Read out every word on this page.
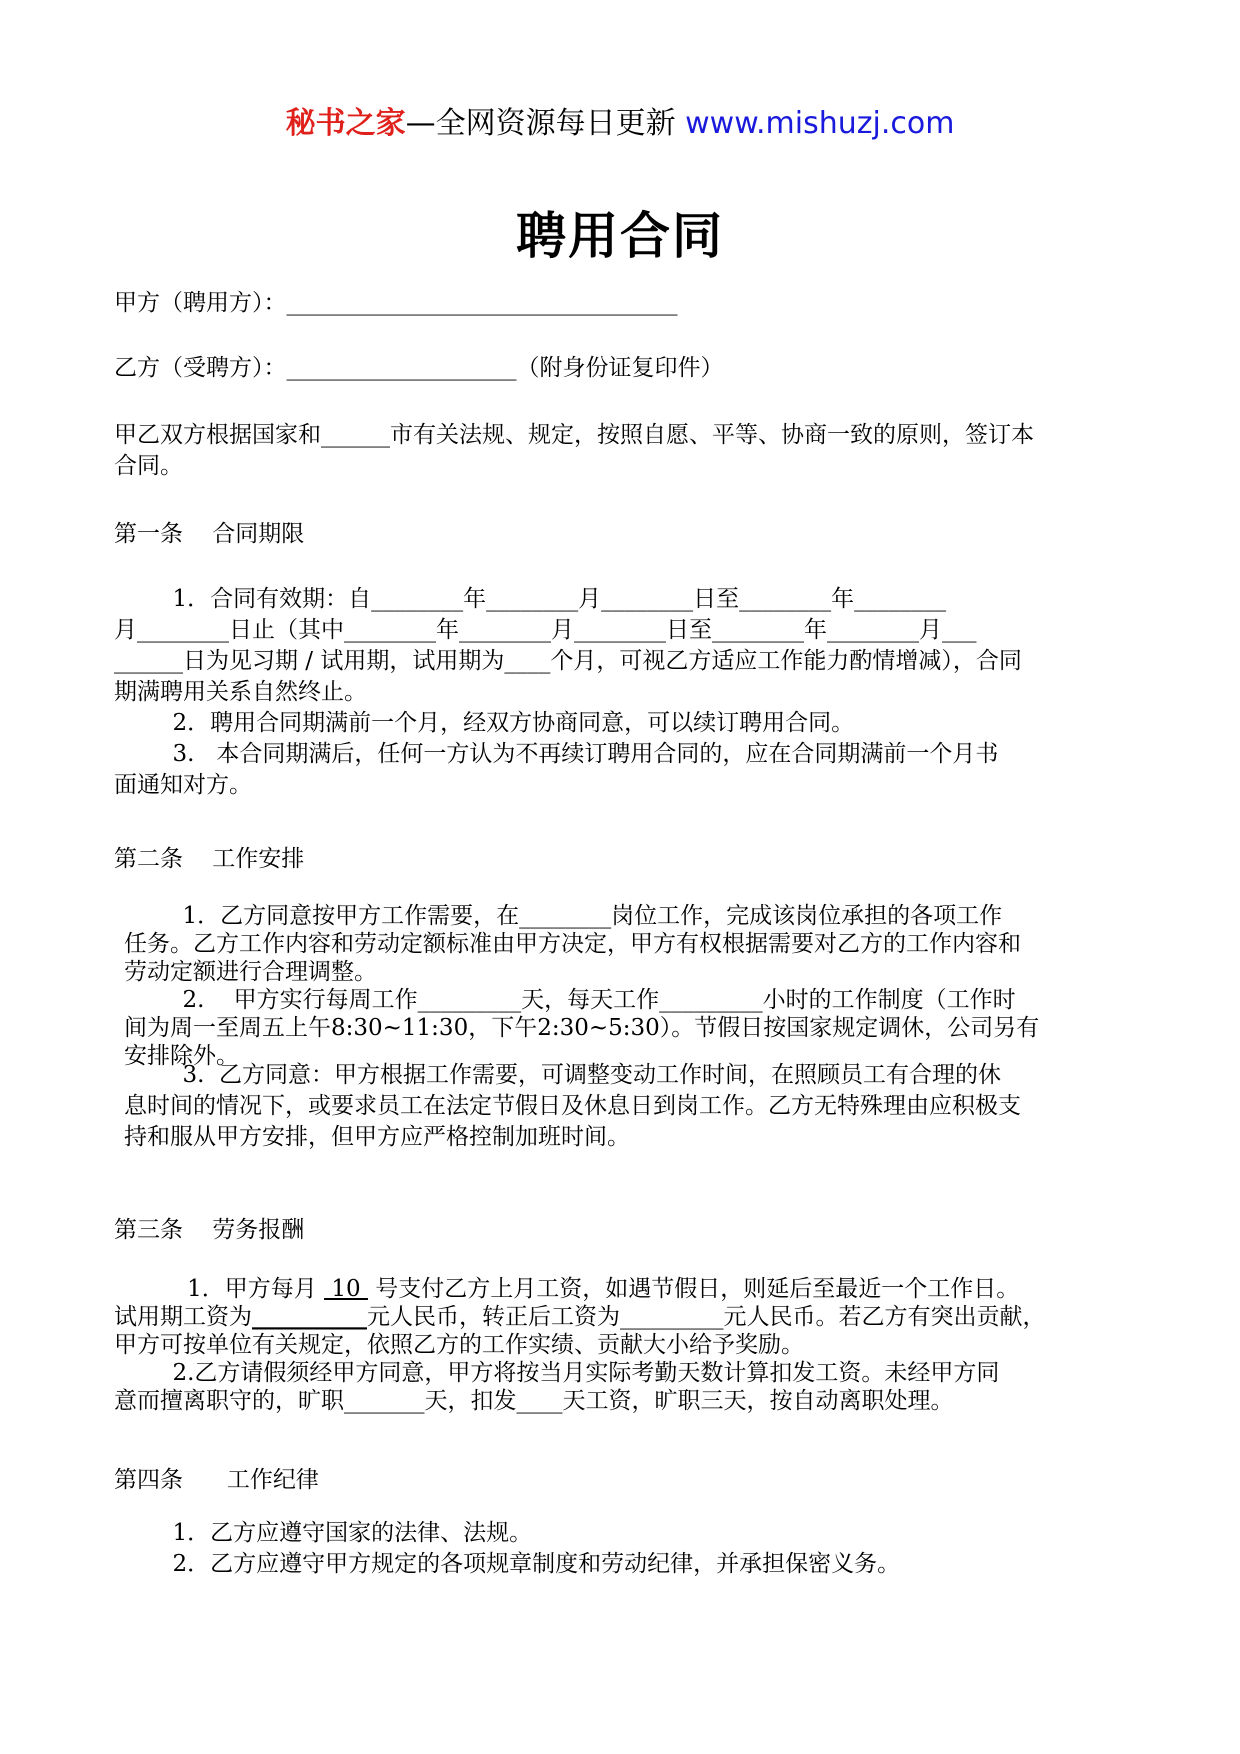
秘书之家—全网资源每日更新 www.mishuzj.com
聘用合同
甲方（聘用方）：__________________________________
乙方（受聘方）：____________________（附身份证复印件）
甲乙双方根据国家和______市有关法规、规定，按照自愿、平等、协商一致的原则，签订本
合同。
第一条    合同期限
1．合同有效期：自________年________月________日至________年________
月________日止（其中________年________月________日至________年________月___
______日为见习期 / 试用期，试用期为____个月，可视乙方适应工作能力酌情增减），合同
期满聘用关系自然终止。
2．聘用合同期满前一个月，经双方协商同意，可以续订聘用合同。
3.   本合同期满后，任何一方认为不再续订聘用合同的，应在合同期满前一个月书
面通知对方。
第二条    工作安排
1．乙方同意按甲方工作需要，在________岗位工作，完成该岗位承担的各项工作
任务。乙方工作内容和劳动定额标准由甲方决定，甲方有权根据需要对乙方的工作内容和
劳动定额进行合理调整。
2.    甲方实行每周工作_________天，每天工作_________小时的工作制度（工作时
间为周一至周五上午8:30~11:30，下午2:30~5:30）。节假日按国家规定调休，公司另有
安排除外。
3.  乙方同意：甲方根据工作需要，可调整变动工作时间，在照顾员工有合理的休
息时间的情况下，或要求员工在法定节假日及休息日到岗工作。乙方无特殊理由应积极支
持和服从甲方安排，但甲方应严格控制加班时间。
第三条    劳务报酬
1．甲方每月  10  号支付乙方上月工资，如遇节假日，则延后至最近一个工作日。
试用期工资为__________元人民币，转正后工资为_________元人民币。若乙方有突出贡献，
甲方可按单位有关规定，依照乙方的工作实绩、贡献大小给予奖励。
2.乙方请假须经甲方同意，甲方将按当月实际考勤天数计算扣发工资。未经甲方同
意而擅离职守的，旷职_______天，扣发____天工资，旷职三天，按自动离职处理。
第四条      工作纪律
1．乙方应遵守国家的法律、法规。
2．乙方应遵守甲方规定的各项规章制度和劳动纪律，并承担保密义务。
